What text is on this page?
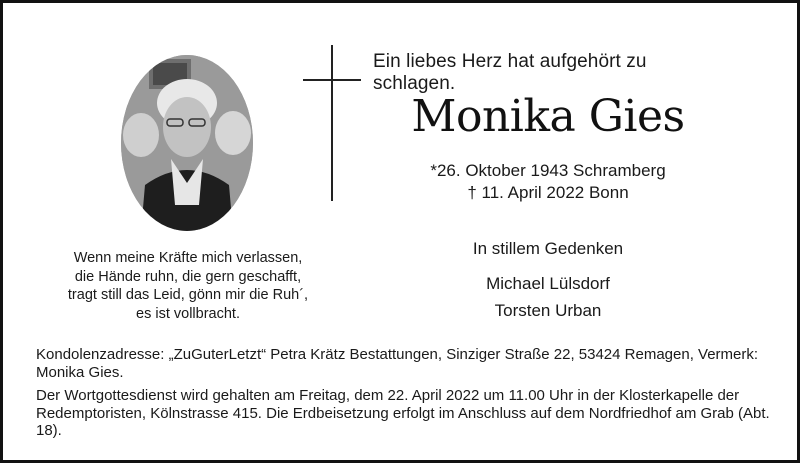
Ein liebes Herz hat aufgehört zu schlagen.
Monika Gies
*26. Oktober 1943 Schramberg
† 11. April 2022 Bonn
Wenn meine Kräfte mich verlassen,
die Hände ruhn, die gern geschafft,
tragt still das Leid, gönn mir die Ruh´,
es ist vollbracht.
In stillem Gedenken
Michael Lülsdorf
Torsten Urban

Kondolenzadresse: „ZuGuterLetzt“ Petra Krätz Bestattungen, Sinziger Straße 22, 53424 Remagen, Vermerk: Monika Gies.

Der Wortgottesdienst wird gehalten am Freitag, dem 22. April 2022 um 11.00 Uhr in der Klosterkapelle der Redemptoristen, Kölnstrasse 415. Die Erdbeisetzung erfolgt im Anschluss auf dem Nordfriedhof am Grab (Abt. 18).
